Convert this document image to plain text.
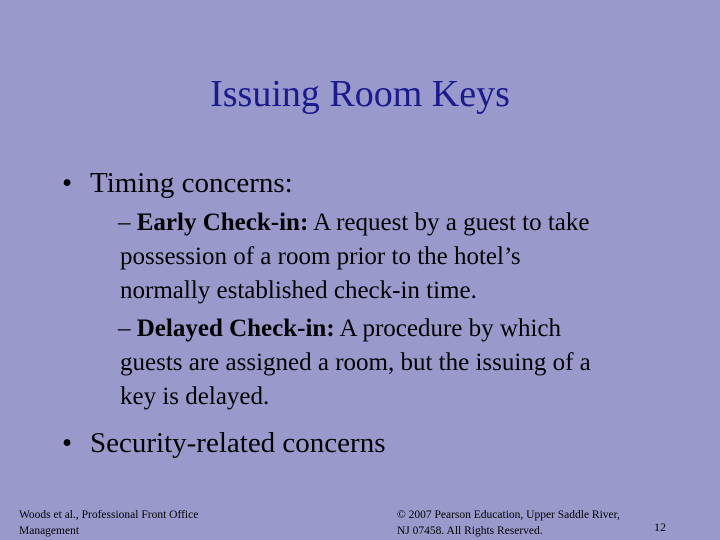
Issuing Room Keys
• Timing concerns:
– Early Check-in: A request by a guest to take
possession of a room prior to the hotel’s
normally established check-in time.
– Delayed Check-in: A procedure by which
guests are assigned a room, but the issuing of a
key is delayed.
• Security-related concerns
Woods et al., Professional Front Office
Management
© 2007 Pearson Education, Upper Saddle River,
NJ 07458. All Rights Reserved.	12
